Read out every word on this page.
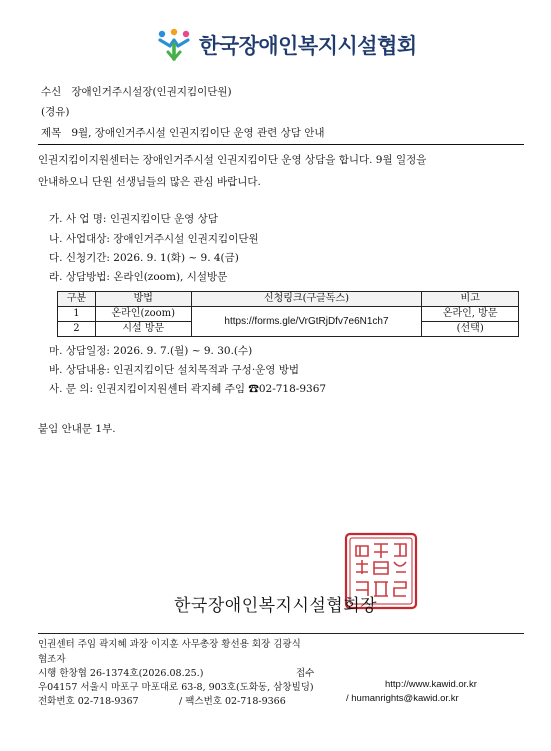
한국장애인복지시설협회
수신 장애인거주시설장(인권지킴이단원)
(경유)
제목 9월, 장애인거주시설 인권지킴이단 운영 관련 상담 안내
인권지킴이지원센터는 장애인거주시설 인권지킴이단 운영 상담을 합니다. 9월 일정을
안내하오니 단원 선생님들의 많은 관심 바랍니다.
가. 사 업 명: 인권지킴이단 운영 상담
나. 사업대상: 장애인거주시설 인권지킴이단원
다. 신청기간: 2026. 9. 1(화) ~ 9. 4(금)
라. 상담방법: 온라인(zoom), 시설방문
구분	방법	신청링크(구글독스)	비고
1	온라인(zoom)	https://forms.gle/VrGtRjDfv7e6N1ch7	온라인, 방문
2	시설 방문		(선택)
마. 상담일정: 2026. 9. 7.(월) ~ 9. 30.(수)
바. 상담내용: 인권지킴이단 설치목적과 구성·운영 방법
사. 문 의: 인권지킴이지원센터 곽지혜 주임 ☎02-718-9367
붙임 안내문 1부.
한국장애인복지시설협회장
인권센터 주임 곽지혜 과장 이지훈 사무총장 황선용 회장 김광식
협조자
시행 한창협 26-1374호(2026.08.25.)	접수
우04157 서울시 마포구 마포대로 63-8, 903호(도화동, 삼창빌딩)	http://www.kawid.or.kr
전화번호 02-718-9367	/ 팩스번호 02-718-9366	/ humanrights@kawid.or.kr
